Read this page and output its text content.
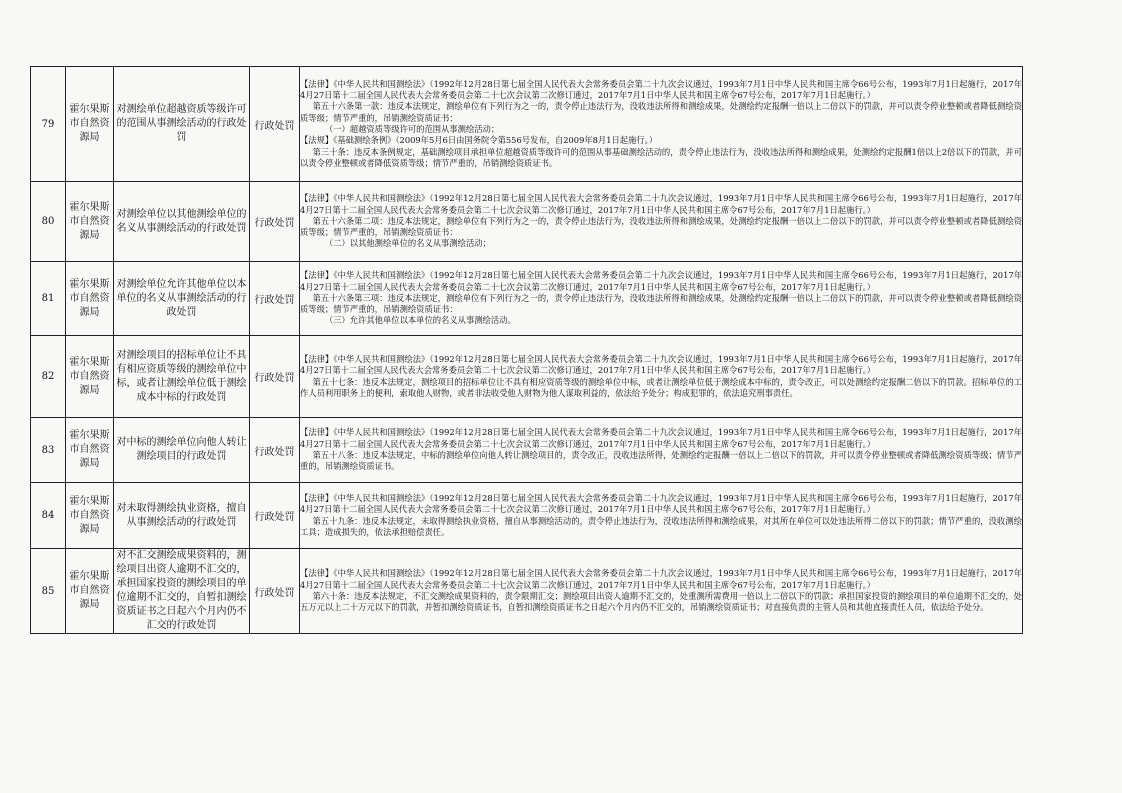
79	霍尔果斯市自然资源局	对测绘单位超越资质等级许可的范围从事测绘活动的行政处罚	行政处罚	【法律】《中华人民共和国测绘法》（1992年12月28日第七届全国人民代表大会常务委员会第二十九次会议通过，1993年7月1日中华人民共和国主席令66号公布，1993年7月1日起施行，2017年4月27日第十二届全国人民代表大会常务委员会第二十七次会议第二次修订通过，2017年7月1日中华人民共和国主席令67号公布，2017年7月1日起施行。）

第五十六条第一款：违反本法规定，测绘单位有下列行为之一的，责令停止违法行为，没收违法所得和测绘成果，处测绘约定报酬一倍以上二倍以下的罚款，并可以责令停业整顿或者降低测绘资质等级；情节严重的，吊销测绘资质证书：

（一）超越资质等级许可的范围从事测绘活动；

【法规】《基础测绘条例》（2009年5月6日由国务院令第556号发布，自2009年8月1日起施行。）

第三十条：违反本条例规定，基础测绘项目承担单位超越资质等级许可的范围从事基础测绘活动的，责令停止违法行为，没收违法所得和测绘成果，处测绘约定报酬1倍以上2倍以下的罚款，并可以责令停业整顿或者降低资质等级；情节严重的，吊销测绘资质证书。

80	霍尔果斯市自然资源局	对测绘单位以其他测绘单位的名义从事测绘活动的行政处罚	行政处罚	【法律】《中华人民共和国测绘法》（1992年12月28日第七届全国人民代表大会常务委员会第二十九次会议通过，1993年7月1日中华人民共和国主席令66号公布，1993年7月1日起施行，2017年4月27日第十二届全国人民代表大会常务委员会第二十七次会议第二次修订通过，2017年7月1日中华人民共和国主席令67号公布，2017年7月1日起施行。）

第五十六条第二项：违反本法规定，测绘单位有下列行为之一的，责令停止违法行为，没收违法所得和测绘成果，处测绘约定报酬一倍以上二倍以下的罚款，并可以责令停业整顿或者降低测绘资质等级；情节严重的，吊销测绘资质证书：

（二）以其他测绘单位的名义从事测绘活动；

81	霍尔果斯市自然资源局	对测绘单位允许其他单位以本单位的名义从事测绘活动的行政处罚	行政处罚	【法律】《中华人民共和国测绘法》（1992年12月28日第七届全国人民代表大会常务委员会第二十九次会议通过，1993年7月1日中华人民共和国主席令66号公布，1993年7月1日起施行，2017年4月27日第十二届全国人民代表大会常务委员会第二十七次会议第二次修订通过，2017年7月1日中华人民共和国主席令67号公布，2017年7月1日起施行。）

第五十六条第三项：违反本法规定，测绘单位有下列行为之一的，责令停止违法行为，没收违法所得和测绘成果，处测绘约定报酬一倍以上二倍以下的罚款，并可以责令停业整顿或者降低测绘资质等级；情节严重的，吊销测绘资质证书：

（三）允许其他单位以本单位的名义从事测绘活动。

82	霍尔果斯市自然资源局	对测绘项目的招标单位让不具有相应资质等级的测绘单位中标，或者让测绘单位低于测绘成本中标的行政处罚	行政处罚	【法律】《中华人民共和国测绘法》（1992年12月28日第七届全国人民代表大会常务委员会第二十九次会议通过，1993年7月1日中华人民共和国主席令66号公布，1993年7月1日起施行，2017年4月27日第十二届全国人民代表大会常务委员会第二十七次会议第二次修订通过，2017年7月1日中华人民共和国主席令67号公布，2017年7月1日起施行。）

第五十七条：违反本法规定，测绘项目的招标单位让不具有相应资质等级的测绘单位中标，或者让测绘单位低于测绘成本中标的，责令改正，可以处测绘约定报酬二倍以下的罚款。招标单位的工作人员利用职务上的便利，索取他人财物，或者非法收受他人财物为他人谋取利益的，依法给予处分；构成犯罪的，依法追究刑事责任。

83	霍尔果斯市自然资源局	对中标的测绘单位向他人转让测绘项目的行政处罚	行政处罚	【法律】《中华人民共和国测绘法》（1992年12月28日第七届全国人民代表大会常务委员会第二十九次会议通过，1993年7月1日中华人民共和国主席令66号公布，1993年7月1日起施行，2017年4月27日第十二届全国人民代表大会常务委员会第二十七次会议第二次修订通过，2017年7月1日中华人民共和国主席令67号公布，2017年7月1日起施行。）

第五十八条：违反本法规定，中标的测绘单位向他人转让测绘项目的，责令改正，没收违法所得，处测绘约定报酬一倍以上二倍以下的罚款，并可以责令停业整顿或者降低测绘资质等级；情节严重的，吊销测绘资质证书。

84	霍尔果斯市自然资源局	对未取得测绘执业资格，擅自从事测绘活动的行政处罚	行政处罚	【法律】《中华人民共和国测绘法》（1992年12月28日第七届全国人民代表大会常务委员会第二十九次会议通过，1993年7月1日中华人民共和国主席令66号公布，1993年7月1日起施行，2017年4月27日第十二届全国人民代表大会常务委员会第二十七次会议第二次修订通过，2017年7月1日中华人民共和国主席令67号公布，2017年7月1日起施行。）

第五十九条：违反本法规定，未取得测绘执业资格，擅自从事测绘活动的，责令停止违法行为，没收违法所得和测绘成果，对其所在单位可以处违法所得二倍以下的罚款；情节严重的，没收测绘工具；造成损失的，依法承担赔偿责任。

85	霍尔果斯市自然资源局	对不汇交测绘成果资料的，测绘项目出资人逾期不汇交的，承担国家投资的测绘项目的单位逾期不汇交的，自暂扣测绘资质证书之日起六个月内仍不汇交的行政处罚	行政处罚	【法律】《中华人民共和国测绘法》（1992年12月28日第七届全国人民代表大会常务委员会第二十九次会议通过，1993年7月1日中华人民共和国主席令66号公布，1993年7月1日起施行，2017年4月27日第十二届全国人民代表大会常务委员会第二十七次会议第二次修订通过，2017年7月1日中华人民共和国主席令67号公布，2017年7月1日起施行。）

第六十条：违反本法规定，不汇交测绘成果资料的，责令限期汇交；测绘项目出资人逾期不汇交的，处重测所需费用一倍以上二倍以下的罚款；承担国家投资的测绘项目的单位逾期不汇交的，处五万元以上二十万元以下的罚款，并暂扣测绘资质证书，自暂扣测绘资质证书之日起六个月内仍不汇交的，吊销测绘资质证书；对直接负责的主管人员和其他直接责任人员，依法给予处分。
